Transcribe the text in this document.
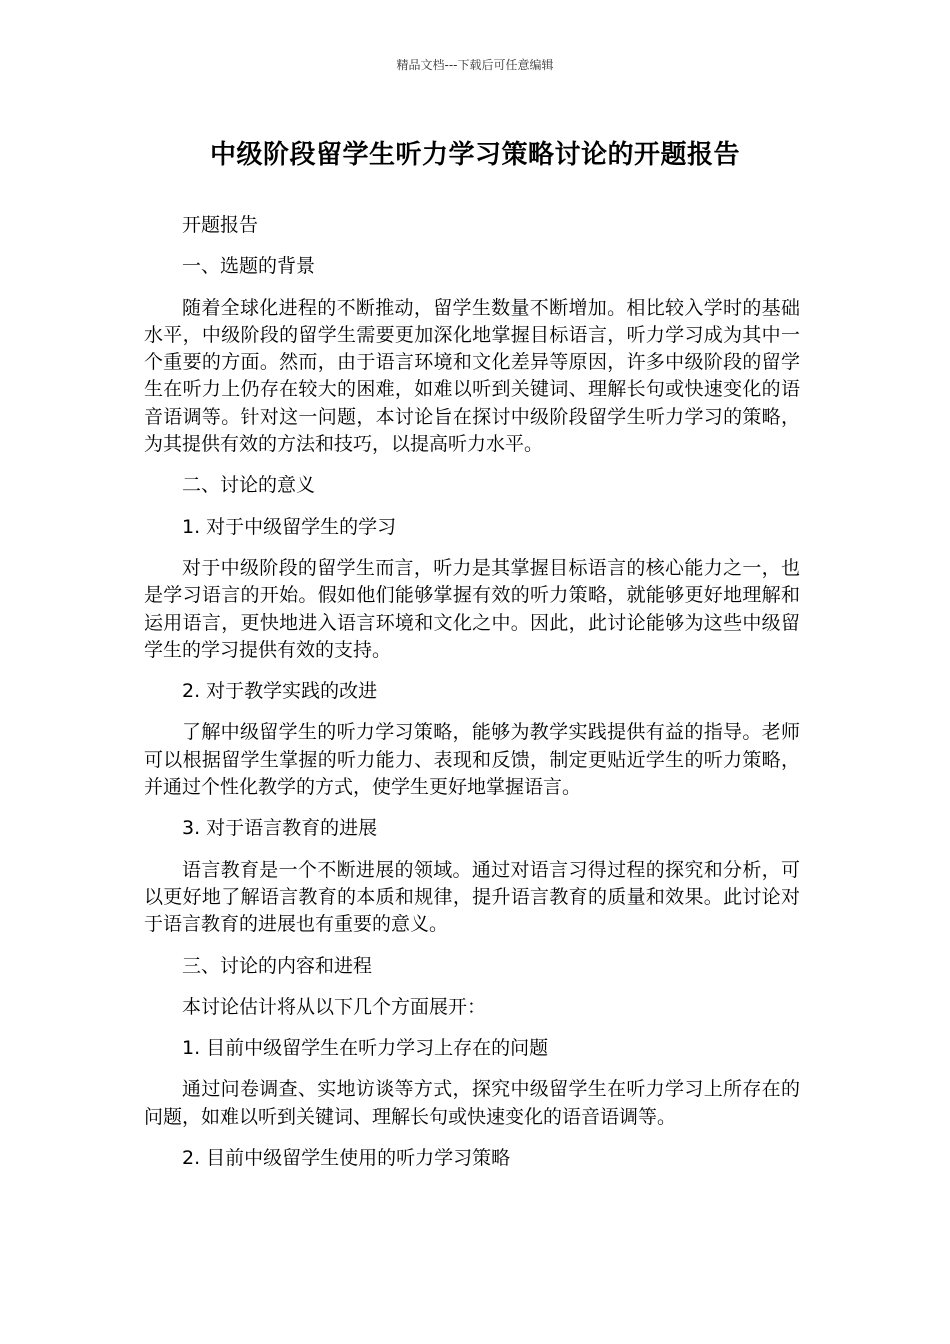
精品文档---下载后可任意编辑
中级阶段留学生听力学习策略讨论的开题报告

开题报告

一、选题的背景

随着全球化进程的不断推动，留学生数量不断增加。相比较入学时的基础水平，中级阶段的留学生需要更加深化地掌握目标语言，听力学习成为其中一个重要的方面。然而，由于语言环境和文化差异等原因，许多中级阶段的留学生在听力上仍存在较大的困难，如难以听到关键词、理解长句或快速变化的语音语调等。针对这一问题，本讨论旨在探讨中级阶段留学生听力学习的策略，为其提供有效的方法和技巧，以提高听力水平。

二、讨论的意义

1. 对于中级留学生的学习

对于中级阶段的留学生而言，听力是其掌握目标语言的核心能力之一，也是学习语言的开始。假如他们能够掌握有效的听力策略，就能够更好地理解和运用语言，更快地进入语言环境和文化之中。因此，此讨论能够为这些中级留学生的学习提供有效的支持。

2. 对于教学实践的改进

了解中级留学生的听力学习策略，能够为教学实践提供有益的指导。老师可以根据留学生掌握的听力能力、表现和反馈，制定更贴近学生的听力策略，并通过个性化教学的方式，使学生更好地掌握语言。

3. 对于语言教育的进展

语言教育是一个不断进展的领域。通过对语言习得过程的探究和分析，可以更好地了解语言教育的本质和规律，提升语言教育的质量和效果。此讨论对于语言教育的进展也有重要的意义。

三、讨论的内容和进程

本讨论估计将从以下几个方面展开：

1. 目前中级留学生在听力学习上存在的问题

通过问卷调查、实地访谈等方式，探究中级留学生在听力学习上所存在的问题，如难以听到关键词、理解长句或快速变化的语音语调等。

2. 目前中级留学生使用的听力学习策略
